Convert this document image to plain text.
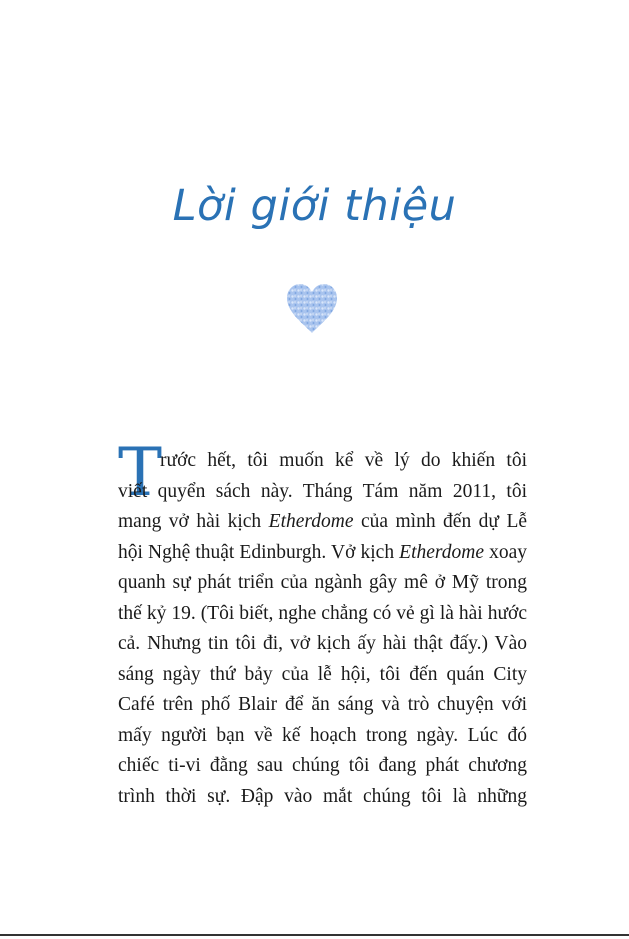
Lời giới thiệu
T
rước hết, tôi muốn kể về lý do khiến tôi
viết quyển sách này. Tháng Tám năm 2011, tôi
mang vở hài kịch Etherdome của mình đến dự Lễ
hội Nghệ thuật Edinburgh. Vở kịch Etherdome xoay
quanh sự phát triển của ngành gây mê ở Mỹ trong
thế kỷ 19. (Tôi biết, nghe chẳng có vẻ gì là hài hước
cả. Nhưng tin tôi đi, vở kịch ấy hài thật đấy.) Vào
sáng ngày thứ bảy của lễ hội, tôi đến quán City
Café trên phố Blair để ăn sáng và trò chuyện với
mấy người bạn về kế hoạch trong ngày. Lúc đó
chiếc ti-vi đằng sau chúng tôi đang phát chương
trình thời sự. Đập vào mắt chúng tôi là những
